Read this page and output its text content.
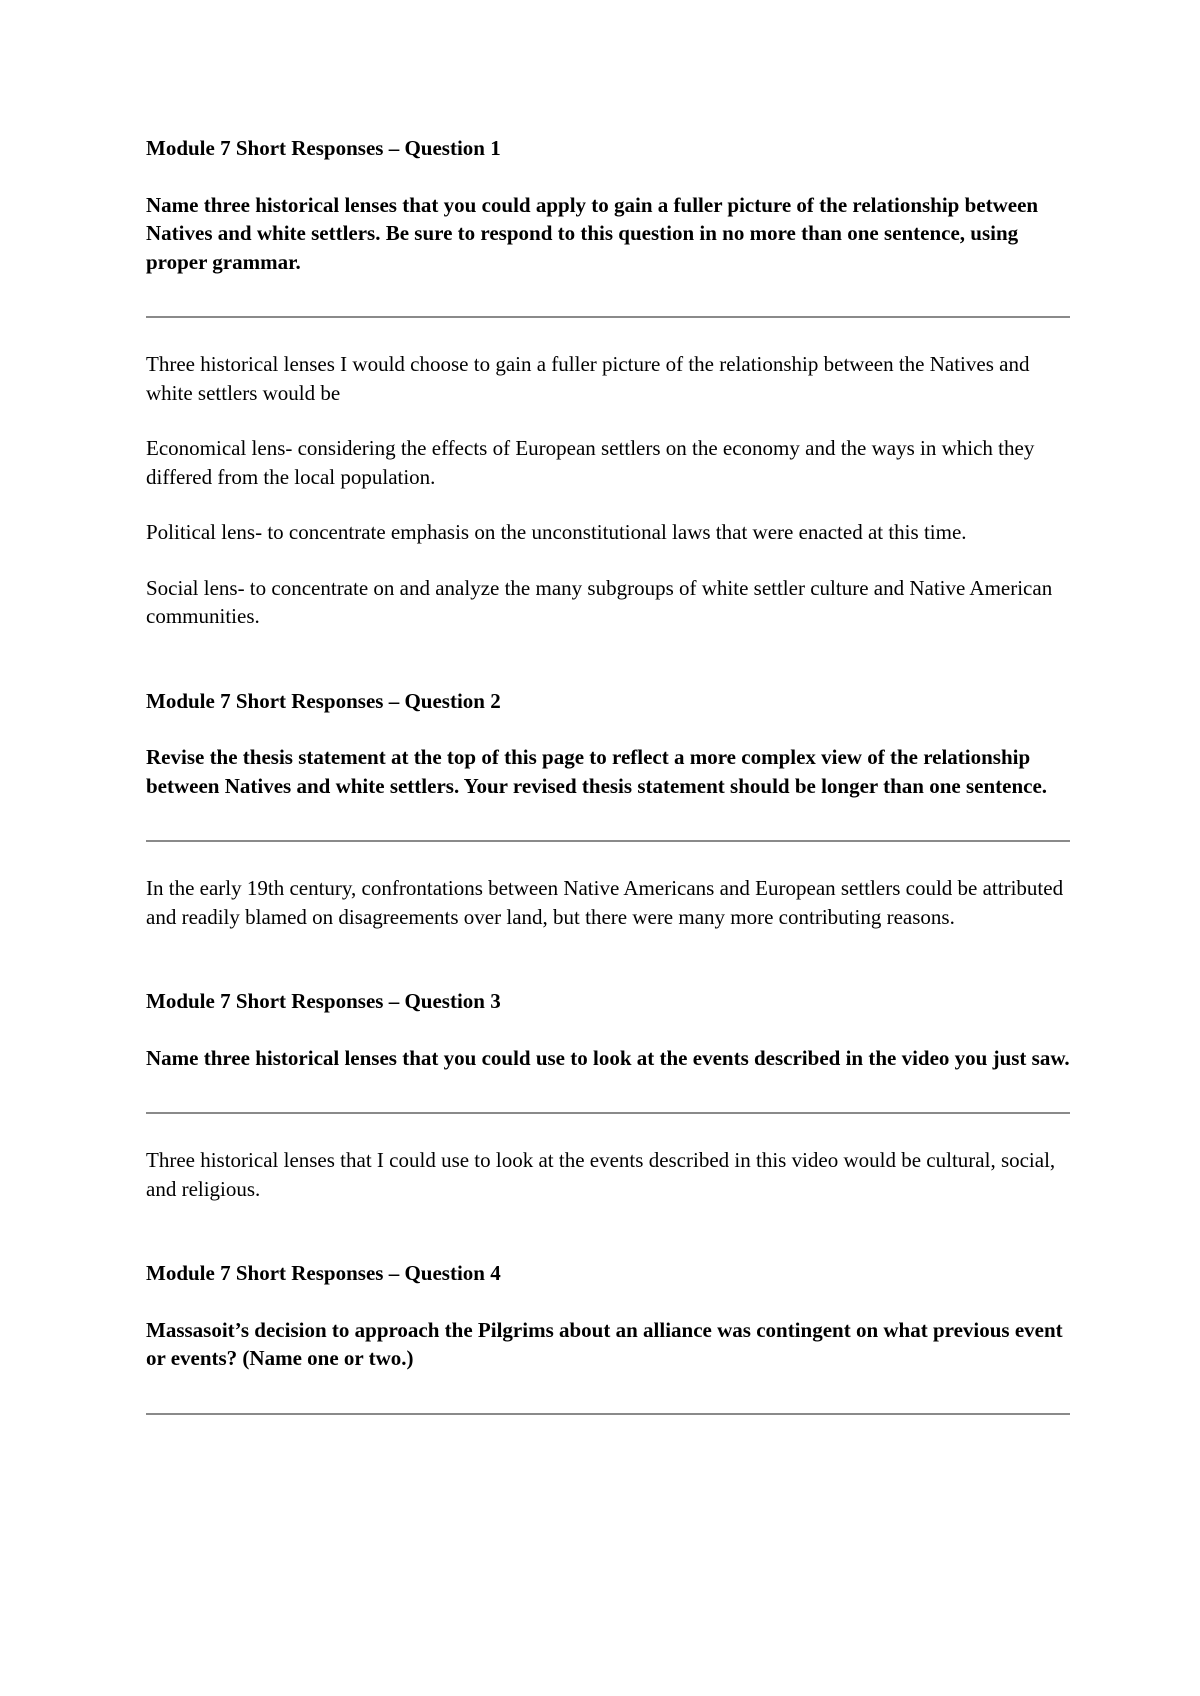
Module 7 Short Responses – Question 1

Name three historical lenses that you could apply to gain a fuller picture of the relationship between Natives and white settlers. Be sure to respond to this question in no more than one sentence, using proper grammar.

Three historical lenses I would choose to gain a fuller picture of the relationship between the Natives and white settlers would be

Economical lens- considering the effects of European settlers on the economy and the ways in which they differed from the local population.

Political lens- to concentrate emphasis on the unconstitutional laws that were enacted at this time.

Social lens- to concentrate on and analyze the many subgroups of white settler culture and Native American communities.

Module 7 Short Responses – Question 2

Revise the thesis statement at the top of this page to reflect a more complex view of the relationship between Natives and white settlers. Your revised thesis statement should be longer than one sentence.

In the early 19th century, confrontations between Native Americans and European settlers could be attributed and readily blamed on disagreements over land, but there were many more contributing reasons.

Module 7 Short Responses – Question 3

Name three historical lenses that you could use to look at the events described in the video you just saw.

Three historical lenses that I could use to look at the events described in this video would be cultural, social, and religious.

Module 7 Short Responses – Question 4

Massasoit’s decision to approach the Pilgrims about an alliance was contingent on what previous event or events? (Name one or two.)
